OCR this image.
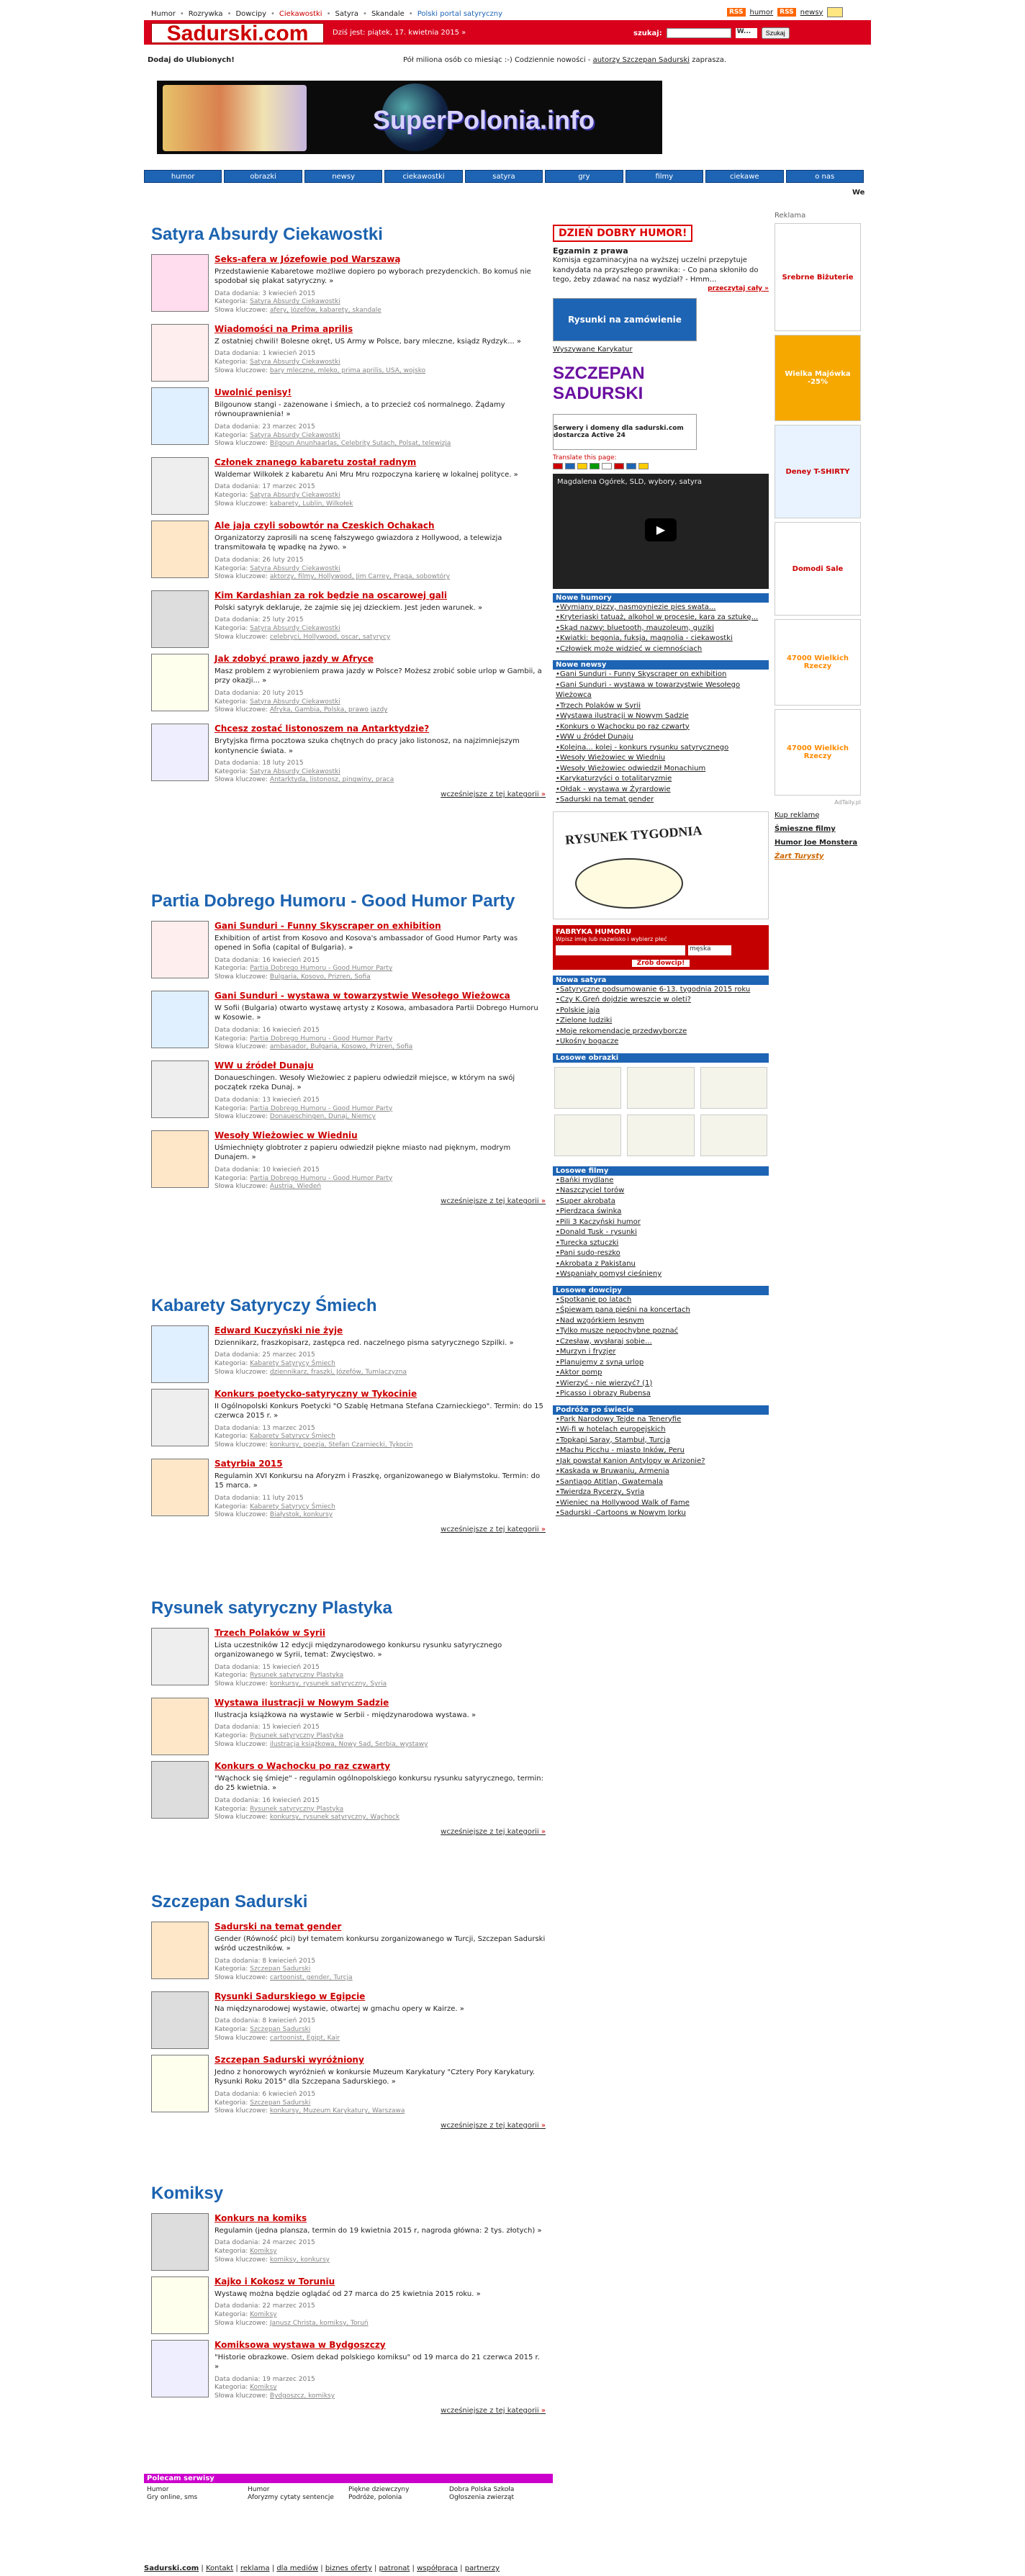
Humor • Rozrywka • Dowcipy • Ciekawostki • Satyra • Skandale • Polski portal satyryczny	RSS humor	RSS newsy
Sadurski.com	Dziś jest: piątek, 17. kwietnia 2015 »	szukaj:	W...	Szukaj
Dodaj do Ulubionych!	Pół miliona osób co miesiąc :-) Codziennie nowości - autorzy Szczepan Sadurski zaprasza.
SuperPolonia.info
humor	obrazki	newsy	ciekawostki	satyra	gry	filmy	ciekawe	o nas
We
Satyra Absurdy Ciekawostki
Seks-afera w Józefowie pod Warszawą
Przedstawienie Kabaretowe możliwe dopiero po wyborach prezydenckich. Bo komuś nie spodobał się plakat satyryczny. »
Data dodania: 3 kwiecień 2015
Kategoria: Satyra Absurdy Ciekawostki
Słowa kluczowe: afery, Józefów, kabarety, skandale
Wiadomości na Prima aprilis
Z ostatniej chwili! Bolesne okręt, US Army w Polsce, bary mleczne, ksiądz Rydzyk... »
Data dodania: 1 kwiecień 2015
Kategoria: Satyra Absurdy Ciekawostki
Słowa kluczowe: bary mleczne, mleko, prima aprilis, USA, wojsko
Uwolnić penisy!
Bilgounow stangi - zazenowane i śmiech, a to przecież coś normalnego. Żądamy równouprawnienia! »
Data dodania: 23 marzec 2015
Kategoria: Satyra Absurdy Ciekawostki
Słowa kluczowe: Bilgoun Anunhaarlas, Celebrity Sutach, Polsat, telewizja
Członek znanego kabaretu został radnym
Waldemar Wilkołek z kabaretu Ani Mru Mru rozpoczyna karierę w lokalnej polityce. »
Data dodania: 17 marzec 2015
Kategoria: Satyra Absurdy Ciekawostki
Słowa kluczowe: kabarety, Lublin, Wilkołek
Ale jaja czyli sobowtór na Czeskich Ochakach
Organizatorzy zaprosili na scenę fałszywego gwiazdora z Hollywood, a telewizja transmitowała tę wpadkę na żywo. »
Data dodania: 26 luty 2015
Kategoria: Satyra Absurdy Ciekawostki
Słowa kluczowe: aktorzy, filmy, Hollywood, Jim Carrey, Praga, sobowtóry
Kim Kardashian za rok będzie na oscarowej gali
Polski satyryk deklaruje, że zajmie się jej dzieckiem. Jest jeden warunek. »
Data dodania: 25 luty 2015
Kategoria: Satyra Absurdy Ciekawostki
Słowa kluczowe: celebryci, Hollywood, oscar, satyrycy
Jak zdobyć prawo jazdy w Afryce
Masz problem z wyrobieniem prawa jazdy w Polsce? Możesz zrobić sobie urlop w Gambii, a przy okazji... »
Data dodania: 20 luty 2015
Kategoria: Satyra Absurdy Ciekawostki
Słowa kluczowe: Afryka, Gambia, Polska, prawo jazdy
Chcesz zostać listonoszem na Antarktydzie?
Brytyjska firma pocztowa szuka chętnych do pracy jako listonosz, na najzimniejszym kontynencie świata. »
Data dodania: 18 luty 2015
Kategoria: Satyra Absurdy Ciekawostki
Słowa kluczowe: Antarktyda, listonosz, pingwiny, praca
wcześniejsze z tej kategorii »
Partia Dobrego Humoru - Good Humor Party
Gani Sunduri - Funny Skyscraper on exhibition
Exhibition of artist from Kosovo and Kosova's ambassador of Good Humor Party was opened in Sofia (capital of Bulgaria). »
Data dodania: 16 kwiecień 2015
Kategoria: Partia Dobrego Humoru - Good Humor Party
Słowa kluczowe: Bulgaria, Kosovo, Prizren, Sofia
Gani Sunduri - wystawa w towarzystwie Wesołego Wieżowca
W Sofii (Bulgaria) otwarto wystawę artysty z Kosowa, ambasadora Partii Dobrego Humoru w Kosowie. »
Data dodania: 16 kwiecień 2015
Kategoria: Partia Dobrego Humoru - Good Humor Party
Słowa kluczowe: ambasador, Bułgaria, Kosowo, Prizren, Sofia
WW u źródeł Dunaju
Donaueschingen. Wesoły Wieżowiec z papieru odwiedził miejsce, w którym na swój początek rzeka Dunaj. »
Data dodania: 13 kwiecień 2015
Kategoria: Partia Dobrego Humoru - Good Humor Party
Słowa kluczowe: Donaueschingen, Dunaj, Niemcy
Wesoły Wieżowiec w Wiedniu
Uśmiechnięty globtroter z papieru odwiedził piękne miasto nad pięknym, modrym Dunajem. »
Data dodania: 10 kwiecień 2015
Kategoria: Partia Dobrego Humoru - Good Humor Party
Słowa kluczowe: Austria, Wiedeń
wcześniejsze z tej kategorii »
Kabarety Satyryczy Śmiech
Edward Kuczyński nie żyje
Dziennikarz, fraszkopisarz, zastępca red. naczelnego pisma satyrycznego Szpilki. »
Data dodania: 25 marzec 2015
Kategoria: Kabarety Satyrycy Śmiech
Słowa kluczowe: dziennikarz, fraszki, Józefów, Tumlaczyzna
Konkurs poetycko-satyryczny w Tykocinie
II Ogólnopolski Konkurs Poetycki "O Szablę Hetmana Stefana Czarnieckiego". Termin: do 15 czerwca 2015 r. »
Data dodania: 13 marzec 2015
Kategoria: Kabarety Satyrycy Śmiech
Słowa kluczowe: konkursy, poezja, Stefan Czarniecki, Tykocin
Satyrbia 2015
Regulamin XVI Konkursu na Aforyzm i Fraszkę, organizowanego w Białymstoku. Termin: do 15 marca. »
Data dodania: 11 luty 2015
Kategoria: Kabarety Satyrycy Śmiech
Słowa kluczowe: Białystok, konkursy
wcześniejsze z tej kategorii »
Rysunek satyryczny Plastyka
Trzech Polaków w Syrii
Lista uczestników 12 edycji międzynarodowego konkursu rysunku satyrycznego organizowanego w Syrii, temat: Zwycięstwo. »
Data dodania: 15 kwiecień 2015
Kategoria: Rysunek satyryczny Plastyka
Słowa kluczowe: konkursy, rysunek satyryczny, Syria
Wystawa ilustracji w Nowym Sadzie
Ilustracja książkowa na wystawie w Serbii - międzynarodowa wystawa. »
Data dodania: 15 kwiecień 2015
Kategoria: Rysunek satyryczny Plastyka
Słowa kluczowe: ilustracja książkowa, Nowy Sad, Serbia, wystawy
Konkurs o Wąchocku po raz czwarty
"Wąchock się śmieje" - regulamin ogólnopolskiego konkursu rysunku satyrycznego, termin: do 25 kwietnia. »
Data dodania: 16 kwiecień 2015
Kategoria: Rysunek satyryczny Plastyka
Słowa kluczowe: konkursy, rysunek satyryczny, Wąchock
wcześniejsze z tej kategorii »
Szczepan Sadurski
Sadurski na temat gender
Gender (Równość płci) był tematem konkursu zorganizowanego w Turcji, Szczepan Sadurski wśród uczestników. »
Data dodania: 8 kwiecień 2015
Kategoria: Szczepan Sadurski
Słowa kluczowe: cartoonist, gender, Turcja
Rysunki Sadurskiego w Egipcie
Na międzynarodowej wystawie, otwartej w gmachu opery w Kairze. »
Data dodania: 8 kwiecień 2015
Kategoria: Szczepan Sadurski
Słowa kluczowe: cartoonist, Egipt, Kair
Szczepan Sadurski wyróżniony
Jedno z honorowych wyróżnień w konkursie Muzeum Karykatury "Cztery Pory Karykatury. Rysunki Roku 2015" dla Szczepana Sadurskiego. »
Data dodania: 6 kwiecień 2015
Kategoria: Szczepan Sadurski
Słowa kluczowe: konkursy, Muzeum Karykatury, Warszawa
wcześniejsze z tej kategorii »
Komiksy
Konkurs na komiks
Regulamin (jedna plansza, termin do 19 kwietnia 2015 r, nagroda główna: 2 tys. złotych) »
Data dodania: 24 marzec 2015
Kategoria: Komiksy
Słowa kluczowe: komiksy, konkursy
Kajko i Kokosz w Toruniu
Wystawę można będzie oglądać od 27 marca do 25 kwietnia 2015 roku. »
Data dodania: 22 marzec 2015
Kategoria: Komiksy
Słowa kluczowe: Janusz Christa, komiksy, Toruń
Komiksowa wystawa w Bydgoszczy
"Historie obrazkowe. Osiem dekad polskiego komiksu" od 19 marca do 21 czerwca 2015 r. »
Data dodania: 19 marzec 2015
Kategoria: Komiksy
Słowa kluczowe: Bydgoszcz, komiksy
wcześniejsze z tej kategorii »
DZIEŃ DOBRY HUMOR!
Egzamin z prawa
Komisja egzaminacyjna na wyższej uczelni przepytuje kandydata na przyszłego prawnika: - Co pana skłoniło do tego, żeby zdawać na nasz wydział? - Hmm...
przeczytaj cały »
Rysunki na zamówienie
Wyszywane Karykatur
SZCZEPAN SADURSKI
Serwery i domeny dla sadurski.com dostarcza Active 24
Translate this page:
Magdalena Ogórek, SLD, wybory, satyra
▶
Nowe humory
• Wymiany pizzy, nasmoyniezie pies swata...
• Kryteriaski tatuaż, alkohol w procesie, kara za sztukę...
• Skąd nazwy: bluetooth, mauzoleum, guziki
• Kwiatki: begonia, fuksja, magnolia - ciekawostki
• Człowiek może widzieć w ciemnościach
Nowe newsy
• Gani Sunduri - Funny Skyscraper on exhibition
• Gani Sunduri - wystawa w towarzystwie Wesołego Wieżowca
• Trzech Polaków w Syrii
• Wystawa ilustracji w Nowym Sadzie
• Konkurs o Wąchocku po raz czwarty
• WW u źródeł Dunaju
• Kolejna... kolej - konkurs rysunku satyrycznego
• Wesoły Wieżowiec w Wiedniu
• Wesoły Wieżowiec odwiedził Monachium
• Karykaturzyści o totalitaryzmie
• Ołdak - wystawa w Żyrardowie
• Sadurski na temat gender
RYSUNEK TYGODNIA
FABRYKA HUMORU
Wpisz imię lub nazwisko i wybierz płeć
męska
Zrób dowcip!
Nowa satyra
• Satyryczne podsumowanie 6-13. tygodnia 2015 roku
• Czy K.Greń dojdzie wreszcie w oleti?
• Polskie jaja
• Zielone ludziki
• Moje rekomendacje przedwyborcze
• Ukośny bogacze
Losowe obrazki
Losowe filmy
• Bańki mydlane
• Naszczyciel torów
• Super akrobata
• Pierdzaca świnka
• Pili 3 Kaczyński humor
• Donald Tusk - rysunki
• Turecka sztuczki
• Pani sudo-reszko
• Akrobata z Pakistanu
• Wspaniały pomysł cieśnieny
Losowe dowcipy
• Spotkanie po latach
• Śpiewam pana pieśni na koncertach
• Nad wzgórkiem lesnym
• Tylko musze nepochybne poznać
• Czesław, wysłaraj sobie...
• Murzyn i fryzjer
• Planujemy z syną urlop
• Aktor pomp
• Wierzyć - nie wierzyć? (1)
• Picasso i obrazy Rubensa
Podróże po świecie
• Park Narodowy Tejde na Teneryfie
• Wi-fi w hotelach europejskich
• Topkapi Saray, Stambuł, Turcja
• Machu Picchu - miasto Inków, Peru
• Jak powstał Kanion Antylopy w Arizonie?
• Kaskada w Bruwaniu, Armenia
• Santiago Atitlan, Gwatemala
• Twierdza Rycerzy, Syria
• Wieniec na Hollywood Walk of Fame
• Sadurski -Cartoons w Nowym Jorku
Reklama
Srebrne Biżuterie
Wielka Majówka -25%
Deney T-SHIRTY
Domodi Sale
47000 Wielkich Rzeczy
47000 Wielkich Rzeczy
AdTaily.pl
Kup reklamę
Śmieszne filmy
Humor Joe Monstera
Żart Turysty
Polecam serwisy
Humor	Humor	Piękne dziewczyny	Dobra Polska Szkoła
Gry online, sms	Aforyzmy cytaty sentencje	Podróże, polonia	Ogłoszenia zwierząt
Sadurski.com | Kontakt | reklama | dla mediów | biznes oferty | patronat | współpraca | partnerzy
